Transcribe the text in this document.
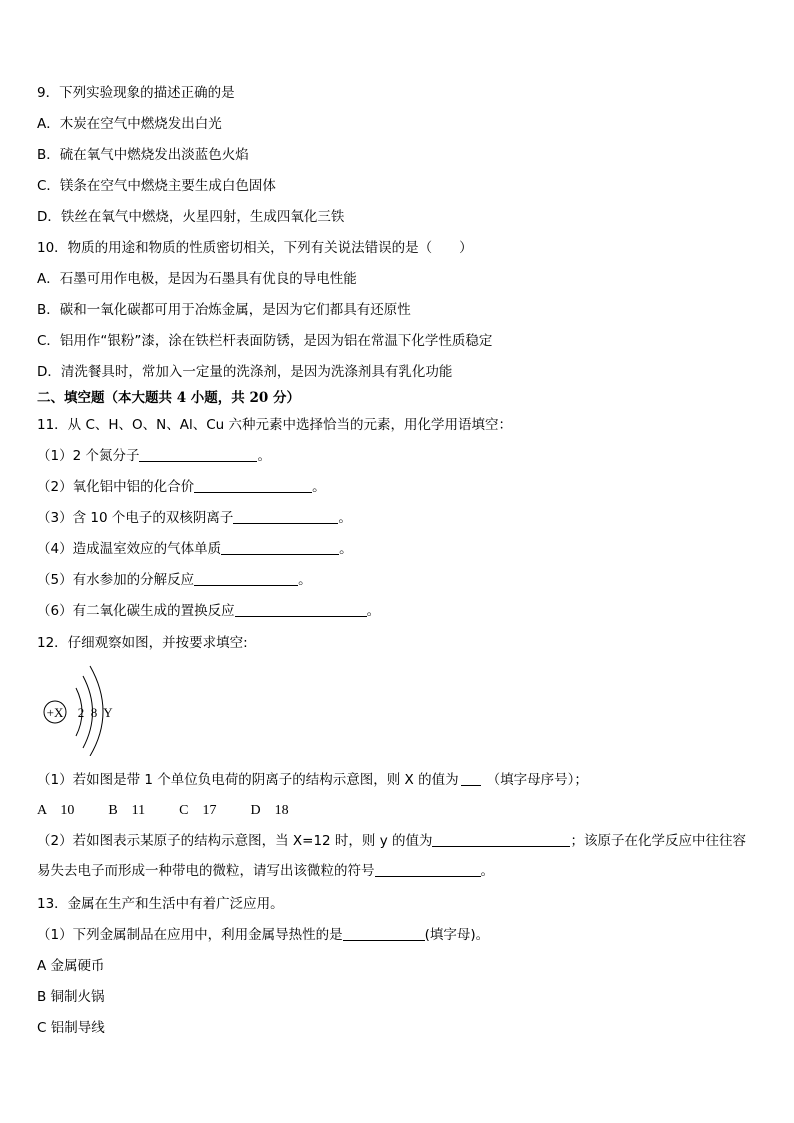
9．下列实验现象的描述正确的是
A．木炭在空气中燃烧发出白光
B．硫在氧气中燃烧发出淡蓝色火焰
C．镁条在空气中燃烧主要生成白色固体
D．铁丝在氧气中燃烧，火星四射，生成四氧化三铁
10．物质的用途和物质的性质密切相关，下列有关说法错误的是（　　）
A．石墨可用作电极，是因为石墨具有优良的导电性能
B．碳和一氧化碳都可用于冶炼金属，是因为它们都具有还原性
C．铝用作“银粉”漆，涂在铁栏杆表面防锈，是因为铝在常温下化学性质稳定
D．清洗餐具时，常加入一定量的洗涤剂，是因为洗涤剂具有乳化功能
二、填空题（本大题共 4 小题，共 20 分）
11．从 C、H、O、N、Al、Cu 六种元素中选择恰当的元素，用化学用语填空：
（1）2 个氮分子	。
（2）氧化铝中铝的化合价	。
（3）含 10 个电子的双核阴离子	。
（4）造成温室效应的气体单质	。
（5）有水参加的分解反应	。
（6）有二氧化碳生成的置换反应	。
12．仔细观察如图，并按要求填空:
+X 2 8 Y
（1）若如图是带 1 个单位负电荷的阴离子的结构示意图，则 X 的值为 （填字母序号）；
A　10 B　11 C　17 D　18
（2）若如图表示某原子的结构示意图，当 X=12 时，则 y 的值为	；该原子在化学反应中往往容
易失去电子而形成一种带电的微粒，请写出该微粒的符号	。
13．金属在生产和生活中有着广泛应用。
（1）下列金属制品在应用中，利用金属导热性的是	(填字母)。
A 金属硬币
B 铜制火锅
C 铝制导线
